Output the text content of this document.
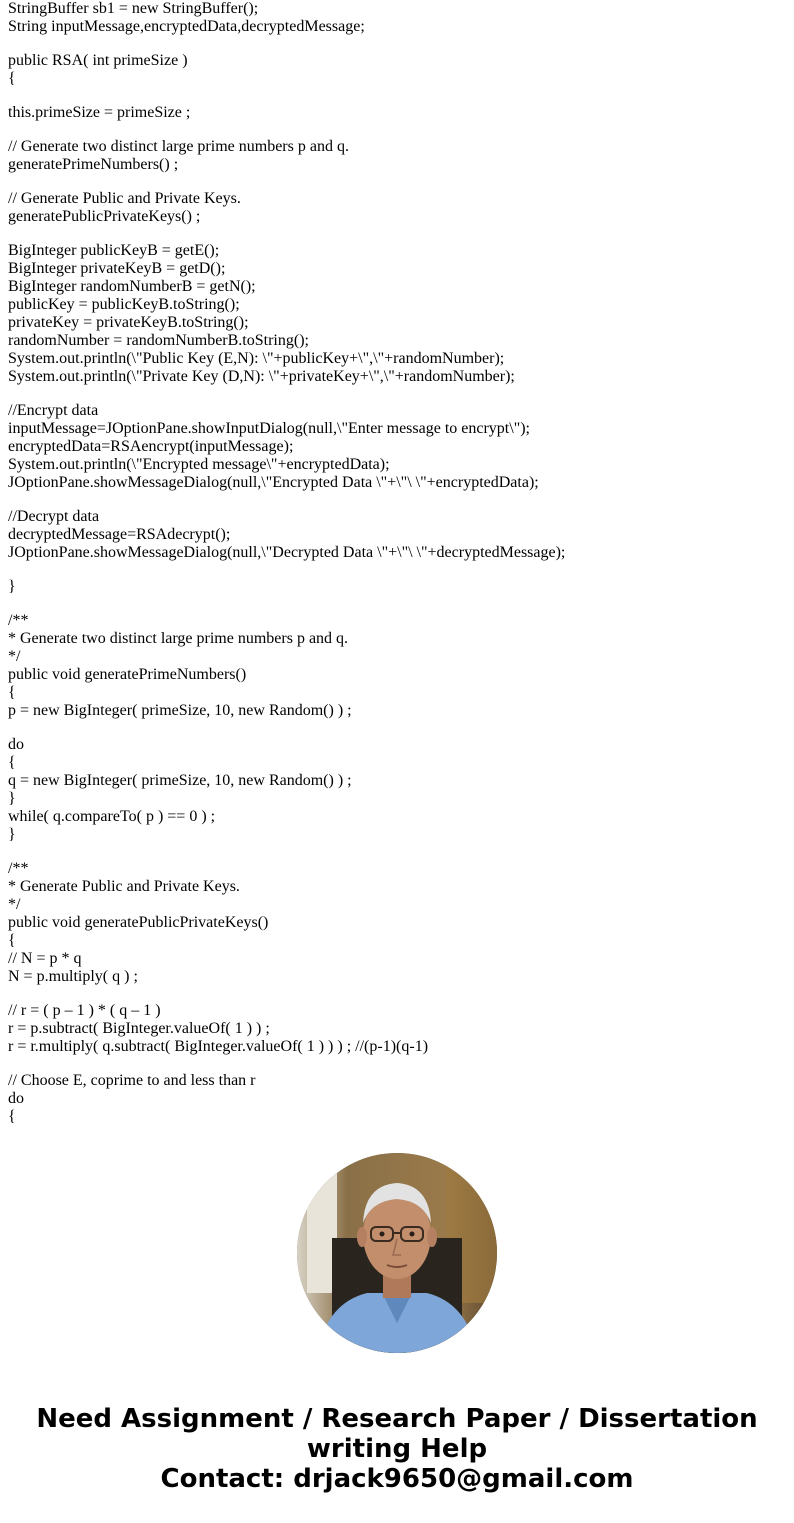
StringBuffer sb1 = new StringBuffer();
String inputMessage,encryptedData,decryptedMessage;
public RSA( int primeSize )
{
this.primeSize = primeSize ;
// Generate two distinct large prime numbers p and q.
generatePrimeNumbers() ;
// Generate Public and Private Keys.
generatePublicPrivateKeys() ;
BigInteger publicKeyB = getE();
BigInteger privateKeyB = getD();
BigInteger randomNumberB = getN();
publicKey = publicKeyB.toString();
privateKey = privateKeyB.toString();
randomNumber = randomNumberB.toString();
System.out.println(\"Public Key (E,N): \"+publicKey+\",\"+randomNumber);
System.out.println(\"Private Key (D,N): \"+privateKey+\",\"+randomNumber);
//Encrypt data
inputMessage=JOptionPane.showInputDialog(null,\"Enter message to encrypt\");
encryptedData=RSAencrypt(inputMessage);
System.out.println(\"Encrypted message\"+encryptedData);
JOptionPane.showMessageDialog(null,\"Encrypted Data \"+\"\ \"+encryptedData);
//Decrypt data
decryptedMessage=RSAdecrypt();
JOptionPane.showMessageDialog(null,\"Decrypted Data \"+\"\ \"+decryptedMessage);
}
/**
* Generate two distinct large prime numbers p and q.
*/
public void generatePrimeNumbers()
{
p = new BigInteger( primeSize, 10, new Random() ) ;
do
{
q = new BigInteger( primeSize, 10, new Random() ) ;
}
while( q.compareTo( p ) == 0 ) ;
}
/**
* Generate Public and Private Keys.
*/
public void generatePublicPrivateKeys()
{
// N = p * q
N = p.multiply( q ) ;
// r = ( p – 1 ) * ( q – 1 )
r = p.subtract( BigInteger.valueOf( 1 ) ) ;
r = r.multiply( q.subtract( BigInteger.valueOf( 1 ) ) ) ; //(p-1)(q-1)
// Choose E, coprime to and less than r
do
{
Need Assignment / Research Paper / Dissertation
writing Help
Contact: drjack9650@gmail.com
